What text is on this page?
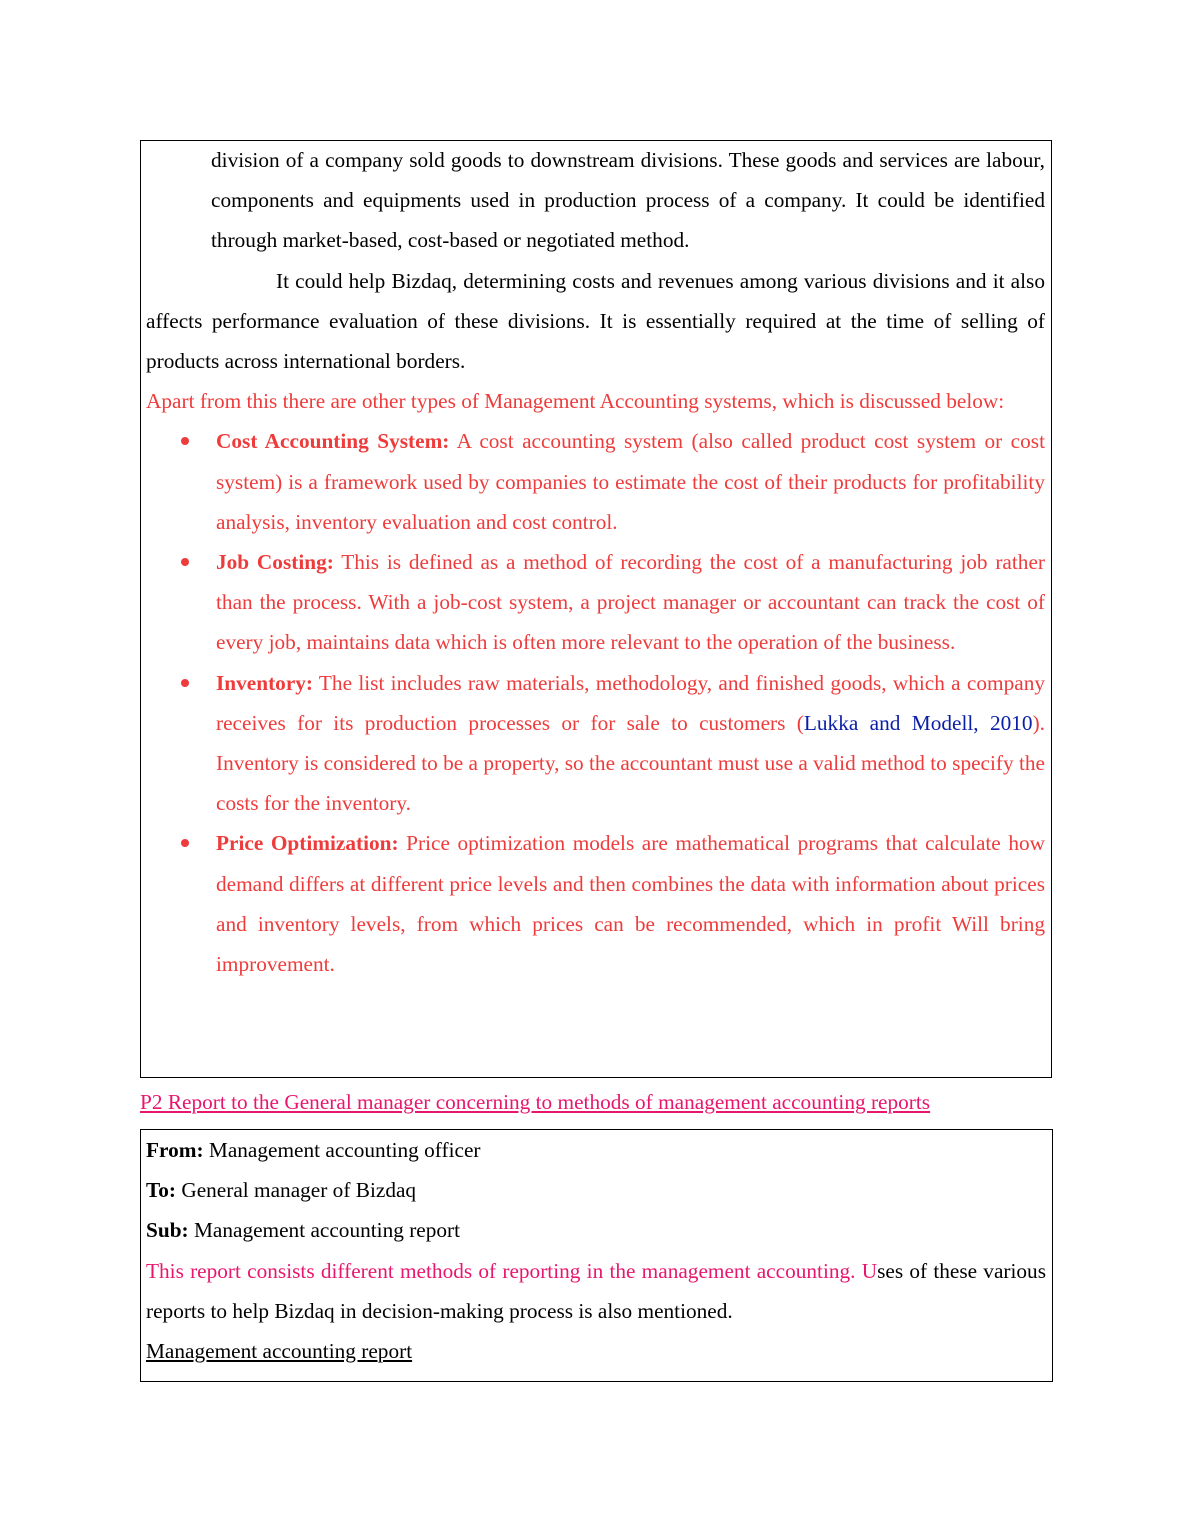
division of a company sold goods to downstream divisions. These goods and services are labour, components and equipments used in production process of a company. It could be identified through market-based, cost-based or negotiated method.

It could help Bizdaq, determining costs and revenues among various divisions and it also affects performance evaluation of these divisions. It is essentially required at the time of selling of products across international borders.

Apart from this there are other types of Management Accounting systems, which is discussed below:

Cost Accounting System: A cost accounting system (also called product cost system or cost system) is a framework used by companies to estimate the cost of their products for profitability analysis, inventory evaluation and cost control.

Job Costing: This is defined as a method of recording the cost of a manufacturing job rather than the process. With a job-cost system, a project manager or accountant can track the cost of every job, maintains data which is often more relevant to the operation of the business.

Inventory: The list includes raw materials, methodology, and finished goods, which a company receives for its production processes or for sale to customers (Lukka and Modell, 2010). Inventory is considered to be a property, so the accountant must use a valid method to specify the costs for the inventory.

Price Optimization: Price optimization models are mathematical programs that calculate how demand differs at different price levels and then combines the data with information about prices and inventory levels, from which prices can be recommended, which in profit Will bring improvement.

P2 Report to the General manager concerning to methods of management accounting reports

From: Management accounting officer

To: General manager of Bizdaq

Sub: Management accounting report

This report consists different methods of reporting in the management accounting. Uses of these various reports to help Bizdaq in decision-making process is also mentioned.

Management accounting report
